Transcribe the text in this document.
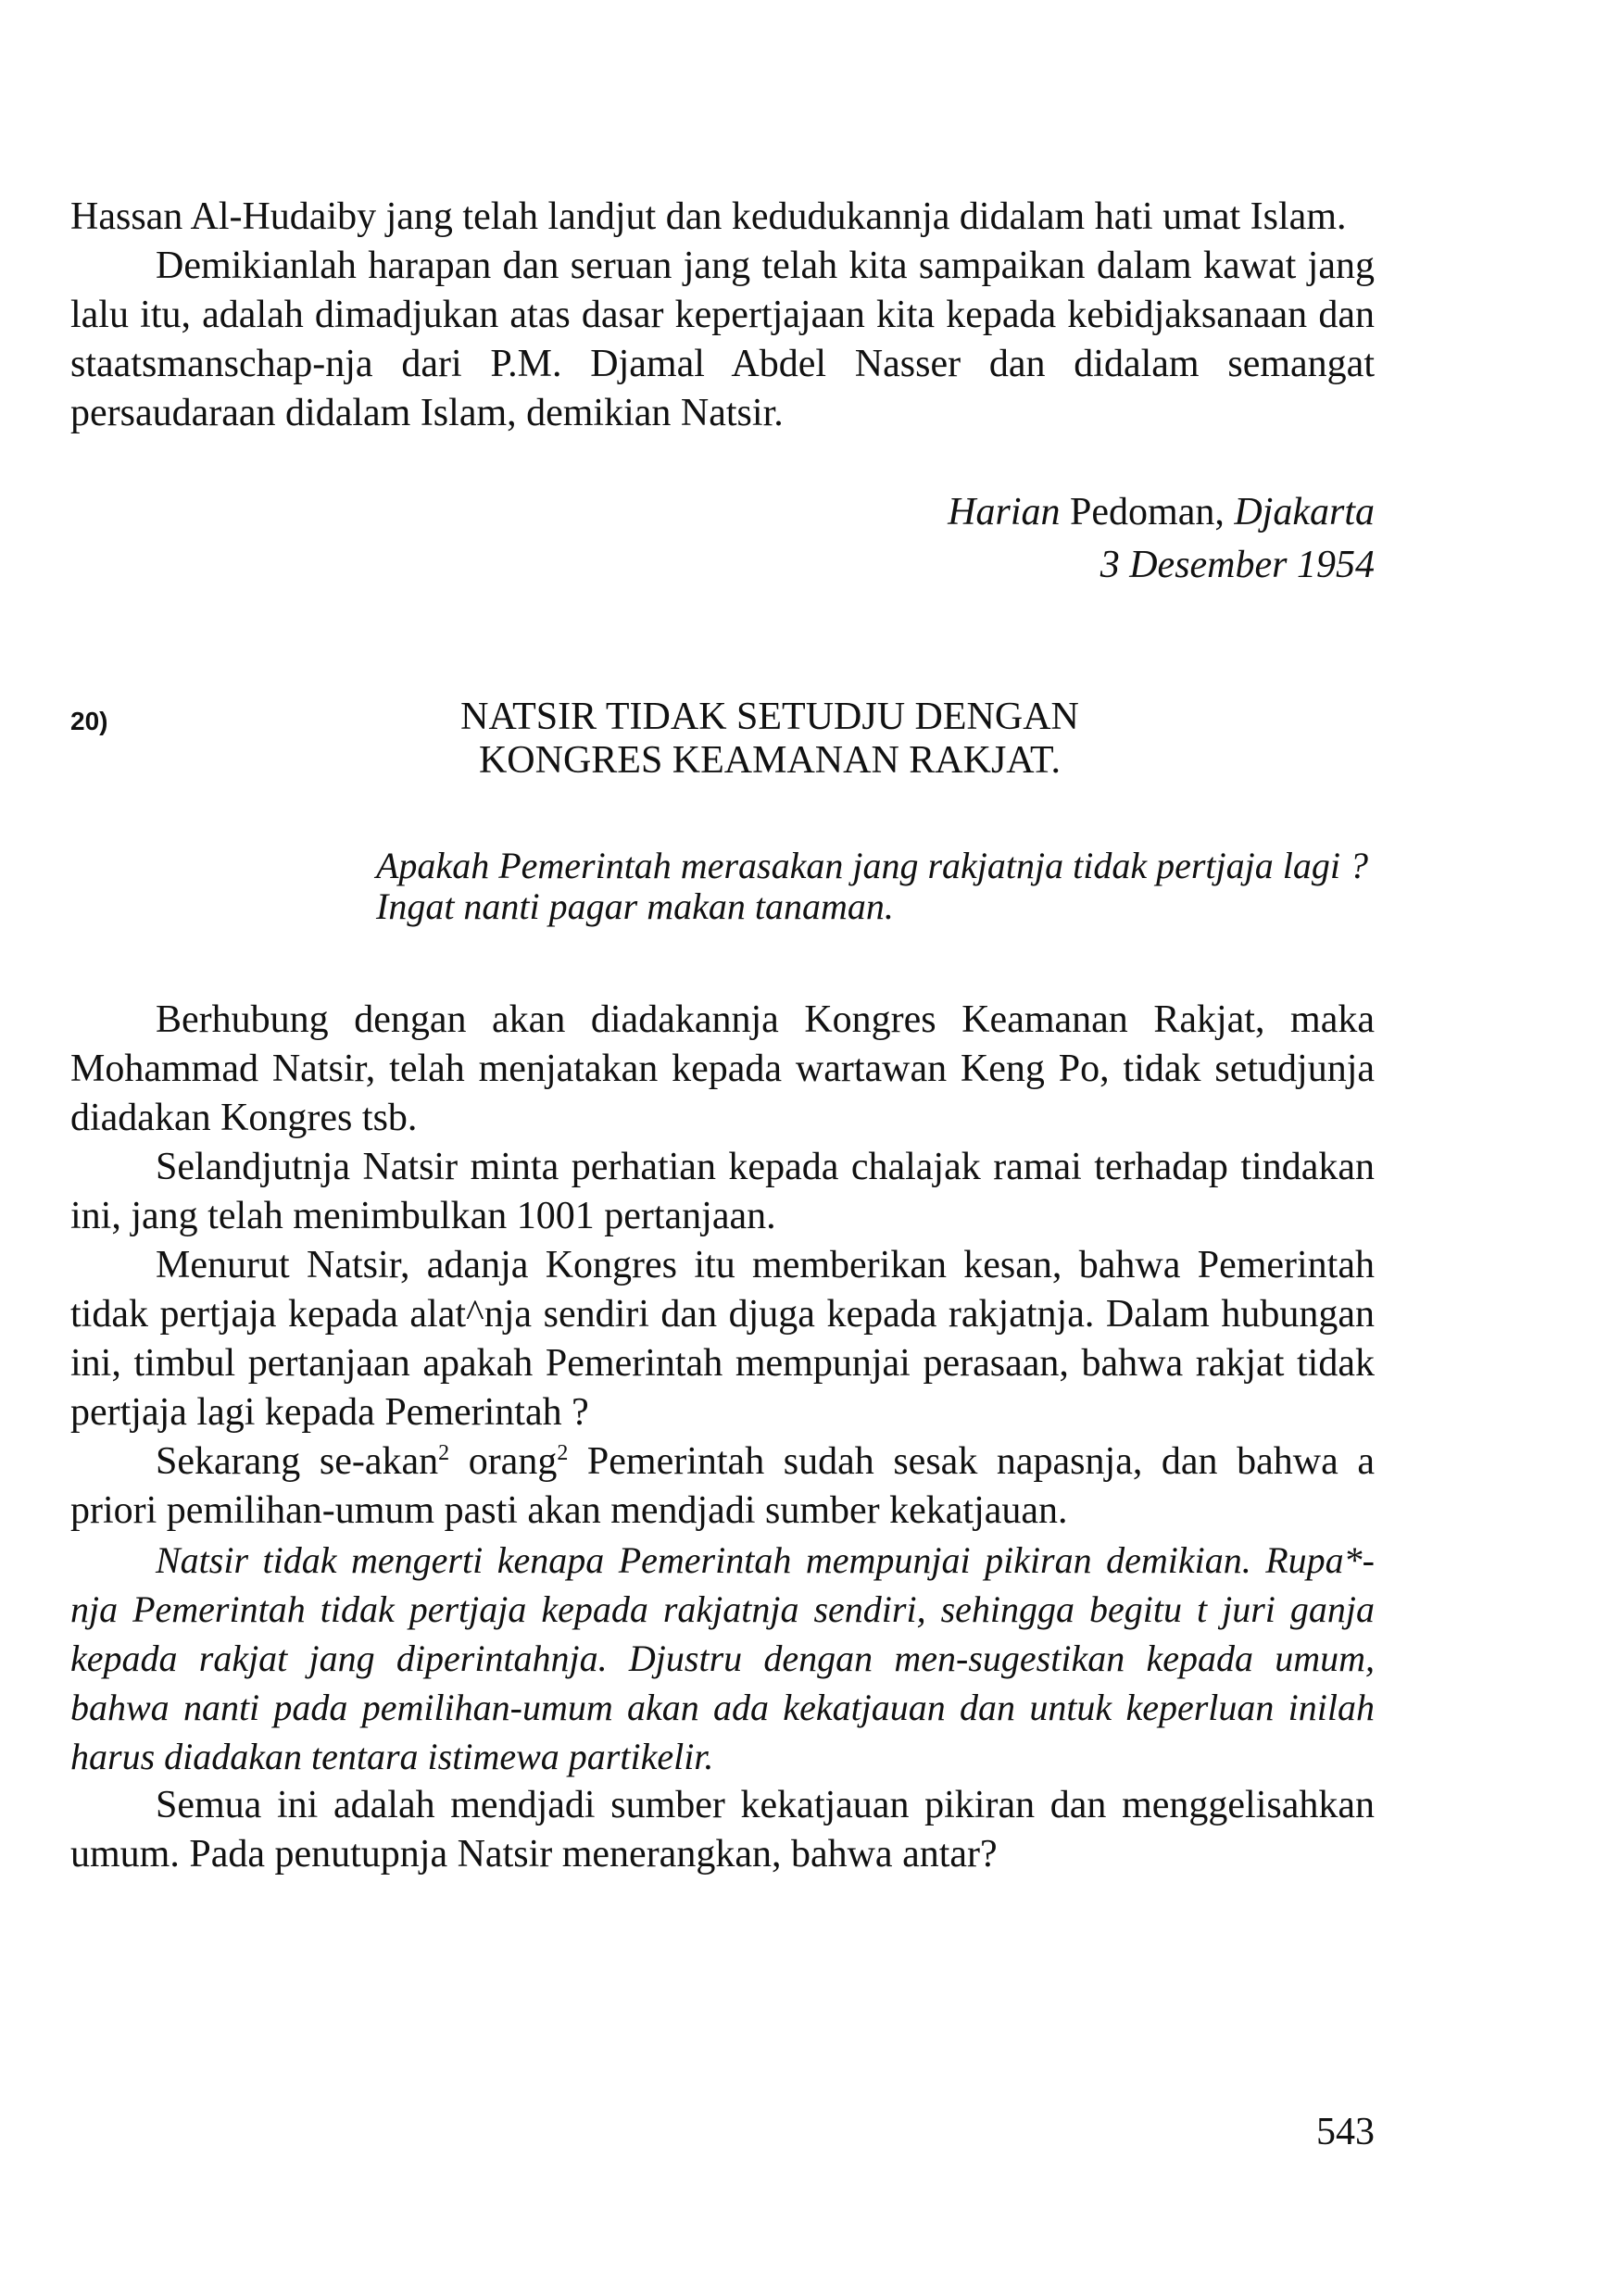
Hassan Al-Hudaiby jang telah landjut dan kedudukannja didalam hati umat Islam.

Demikianlah harapan dan seruan jang telah kita sampaikan dalam kawat jang lalu itu, adalah dimadjukan atas dasar kepertjajaan kita kepada kebidjaksanaan dan staatsmanschap-nja dari P.M. Djamal Abdel Nasser dan didalam semangat persaudaraan didalam Islam, demikian Natsir.

Harian Pedoman, Djakarta
3 Desember 1954
20)	NATSIR TIDAK SETUDJU DENGAN
KONGRES KEAMANAN RAKJAT.
Apakah Pemerintah merasakan jang rakjatnja tidak pertjaja lagi ?
Ingat nanti pagar makan tanaman.

Berhubung dengan akan diadakannja Kongres Keamanan Rakjat, maka Mohammad Natsir, telah menjatakan kepada wartawan Keng Po, tidak setudjunja diadakan Kongres tsb.

Selandjutnja Natsir minta perhatian kepada chalajak ramai terhadap tindakan ini, jang telah menimbulkan 1001 pertanjaan.

Menurut Natsir, adanja Kongres itu memberikan kesan, bahwa Pemerintah tidak pertjaja kepada alat^nja sendiri dan djuga kepada rakjatnja. Dalam hubungan ini, timbul pertanjaan apakah Pemerintah mempunjai perasaan, bahwa rakjat tidak pertjaja lagi kepada Pemerintah ?

Sekarang se-akan$^2$ orang$^2$ Pemerintah sudah sesak napasnja, dan bahwa a priori pemilihan-umum pasti akan mendjadi sumber kekatjauan.

Natsir tidak mengerti kenapa Pemerintah mempunjai pikiran demikian. Rupa*-nja Pemerintah tidak pertjaja kepada rakjatnja sendiri, sehingga begitu t juri ganja kepada rakjat jang diperintahnja. Djustru dengan men-sugestikan kepada umum, bahwa nanti pada pemilihan-umum akan ada kekatjauan dan untuk keperluan inilah harus diadakan tentara istimewa partikelir.

Semua ini adalah mendjadi sumber kekatjauan pikiran dan menggelisahkan umum. Pada penutupnja Natsir menerangkan, bahwa antar?

543
